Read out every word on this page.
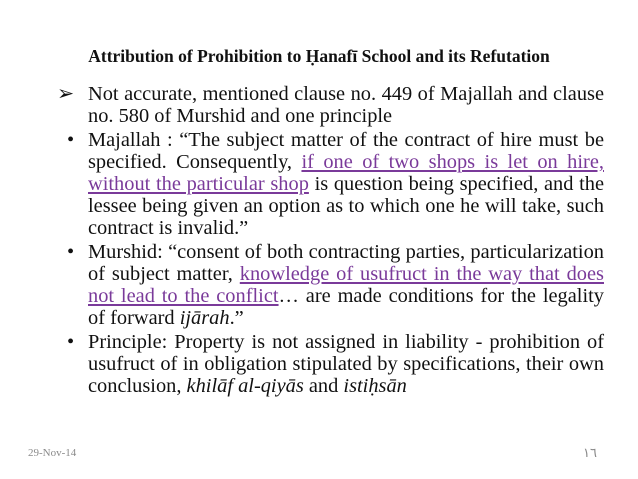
Attribution of Prohibition to Ḥanafī School and its Refutation
➢ Not accurate, mentioned clause no. 449 of Majallah and clause no. 580 of Murshid and one principle
• Majallah : “The subject matter of the contract of hire must be specified. Consequently, if one of two shops is let on hire, without the particular shop is question being specified, and the lessee being given an option as to which one he will take, such contract is invalid.”
• Murshid: “consent of both contracting parties, particularization of subject matter, knowledge of usufruct in the way that does not lead to the conflict… are made conditions for the legality of forward ijārah.”
• Principle: Property is not assigned in liability - prohibition of usufruct of in obligation stipulated by specifications, their own conclusion, khilāf al-qiyās and istiḥsān
29-Nov-14	١٦
